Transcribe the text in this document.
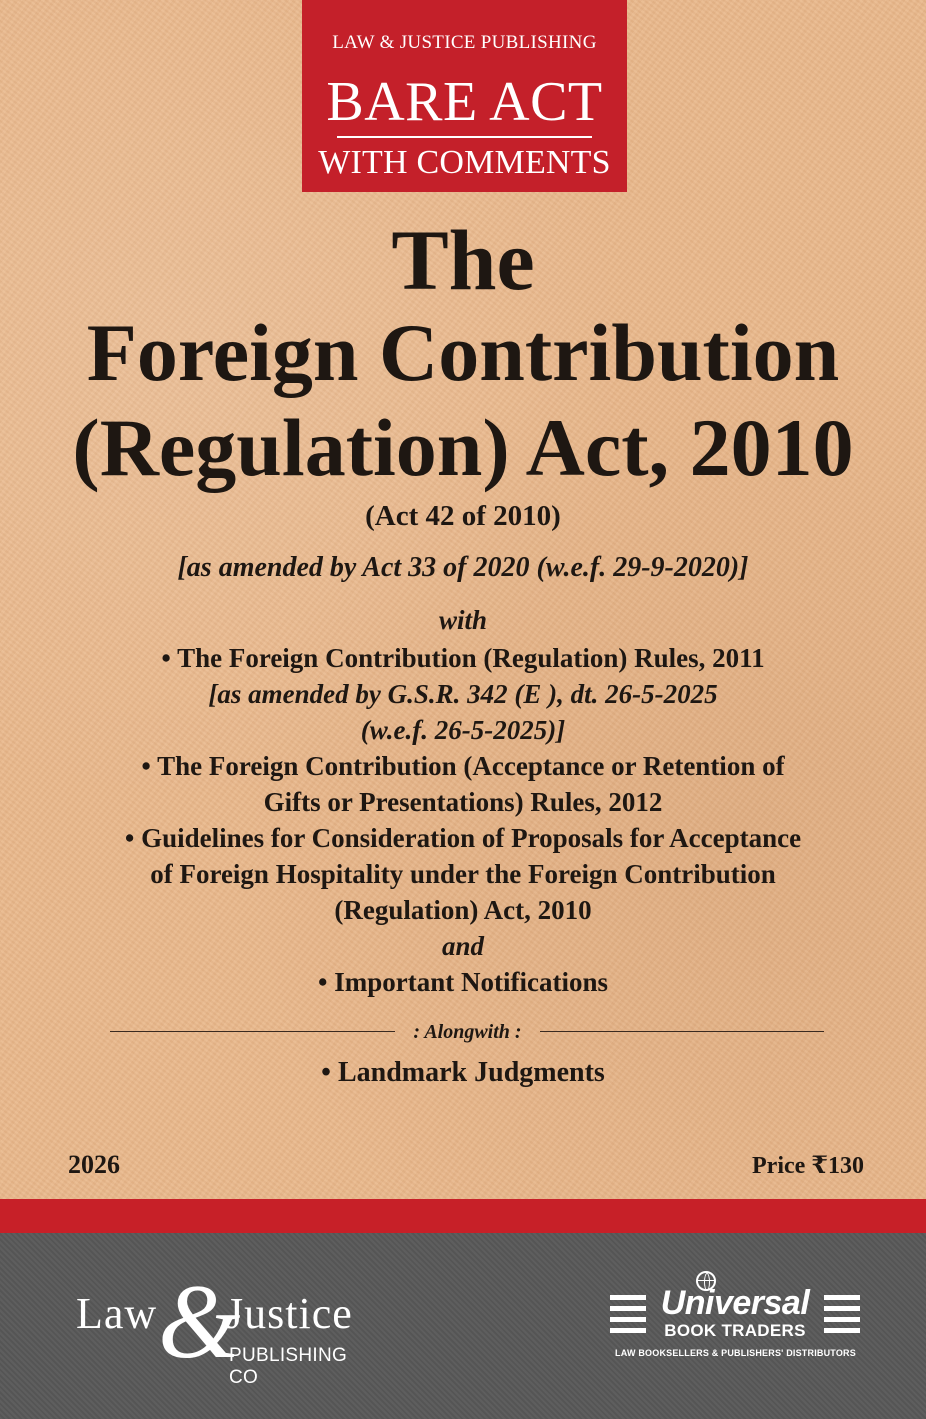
LAW & JUSTICE PUBLISHING
BARE ACT
WITH COMMENTS
The
Foreign Contribution
(Regulation) Act, 2010
(Act 42 of 2010)
[as amended by Act 33 of 2020 (w.e.f. 29-9-2020)]
with
• The Foreign Contribution (Regulation) Rules, 2011
[as amended by G.S.R. 342 (E ), dt. 26-5-2025
(w.e.f. 26-5-2025)]
• The Foreign Contribution (Acceptance or Retention of
Gifts or Presentations) Rules, 2012
• Guidelines for Consideration of Proposals for Acceptance
of Foreign Hospitality under the Foreign Contribution
(Regulation) Act, 2010
and
• Important Notifications
: Alongwith :
• Landmark Judgments
2026	Price ₹130
Law &
Justice
PUBLISHING CO
Universal
BOOK TRADERS
LAW BOOKSELLERS & PUBLISHERS' DISTRIBUTORS
